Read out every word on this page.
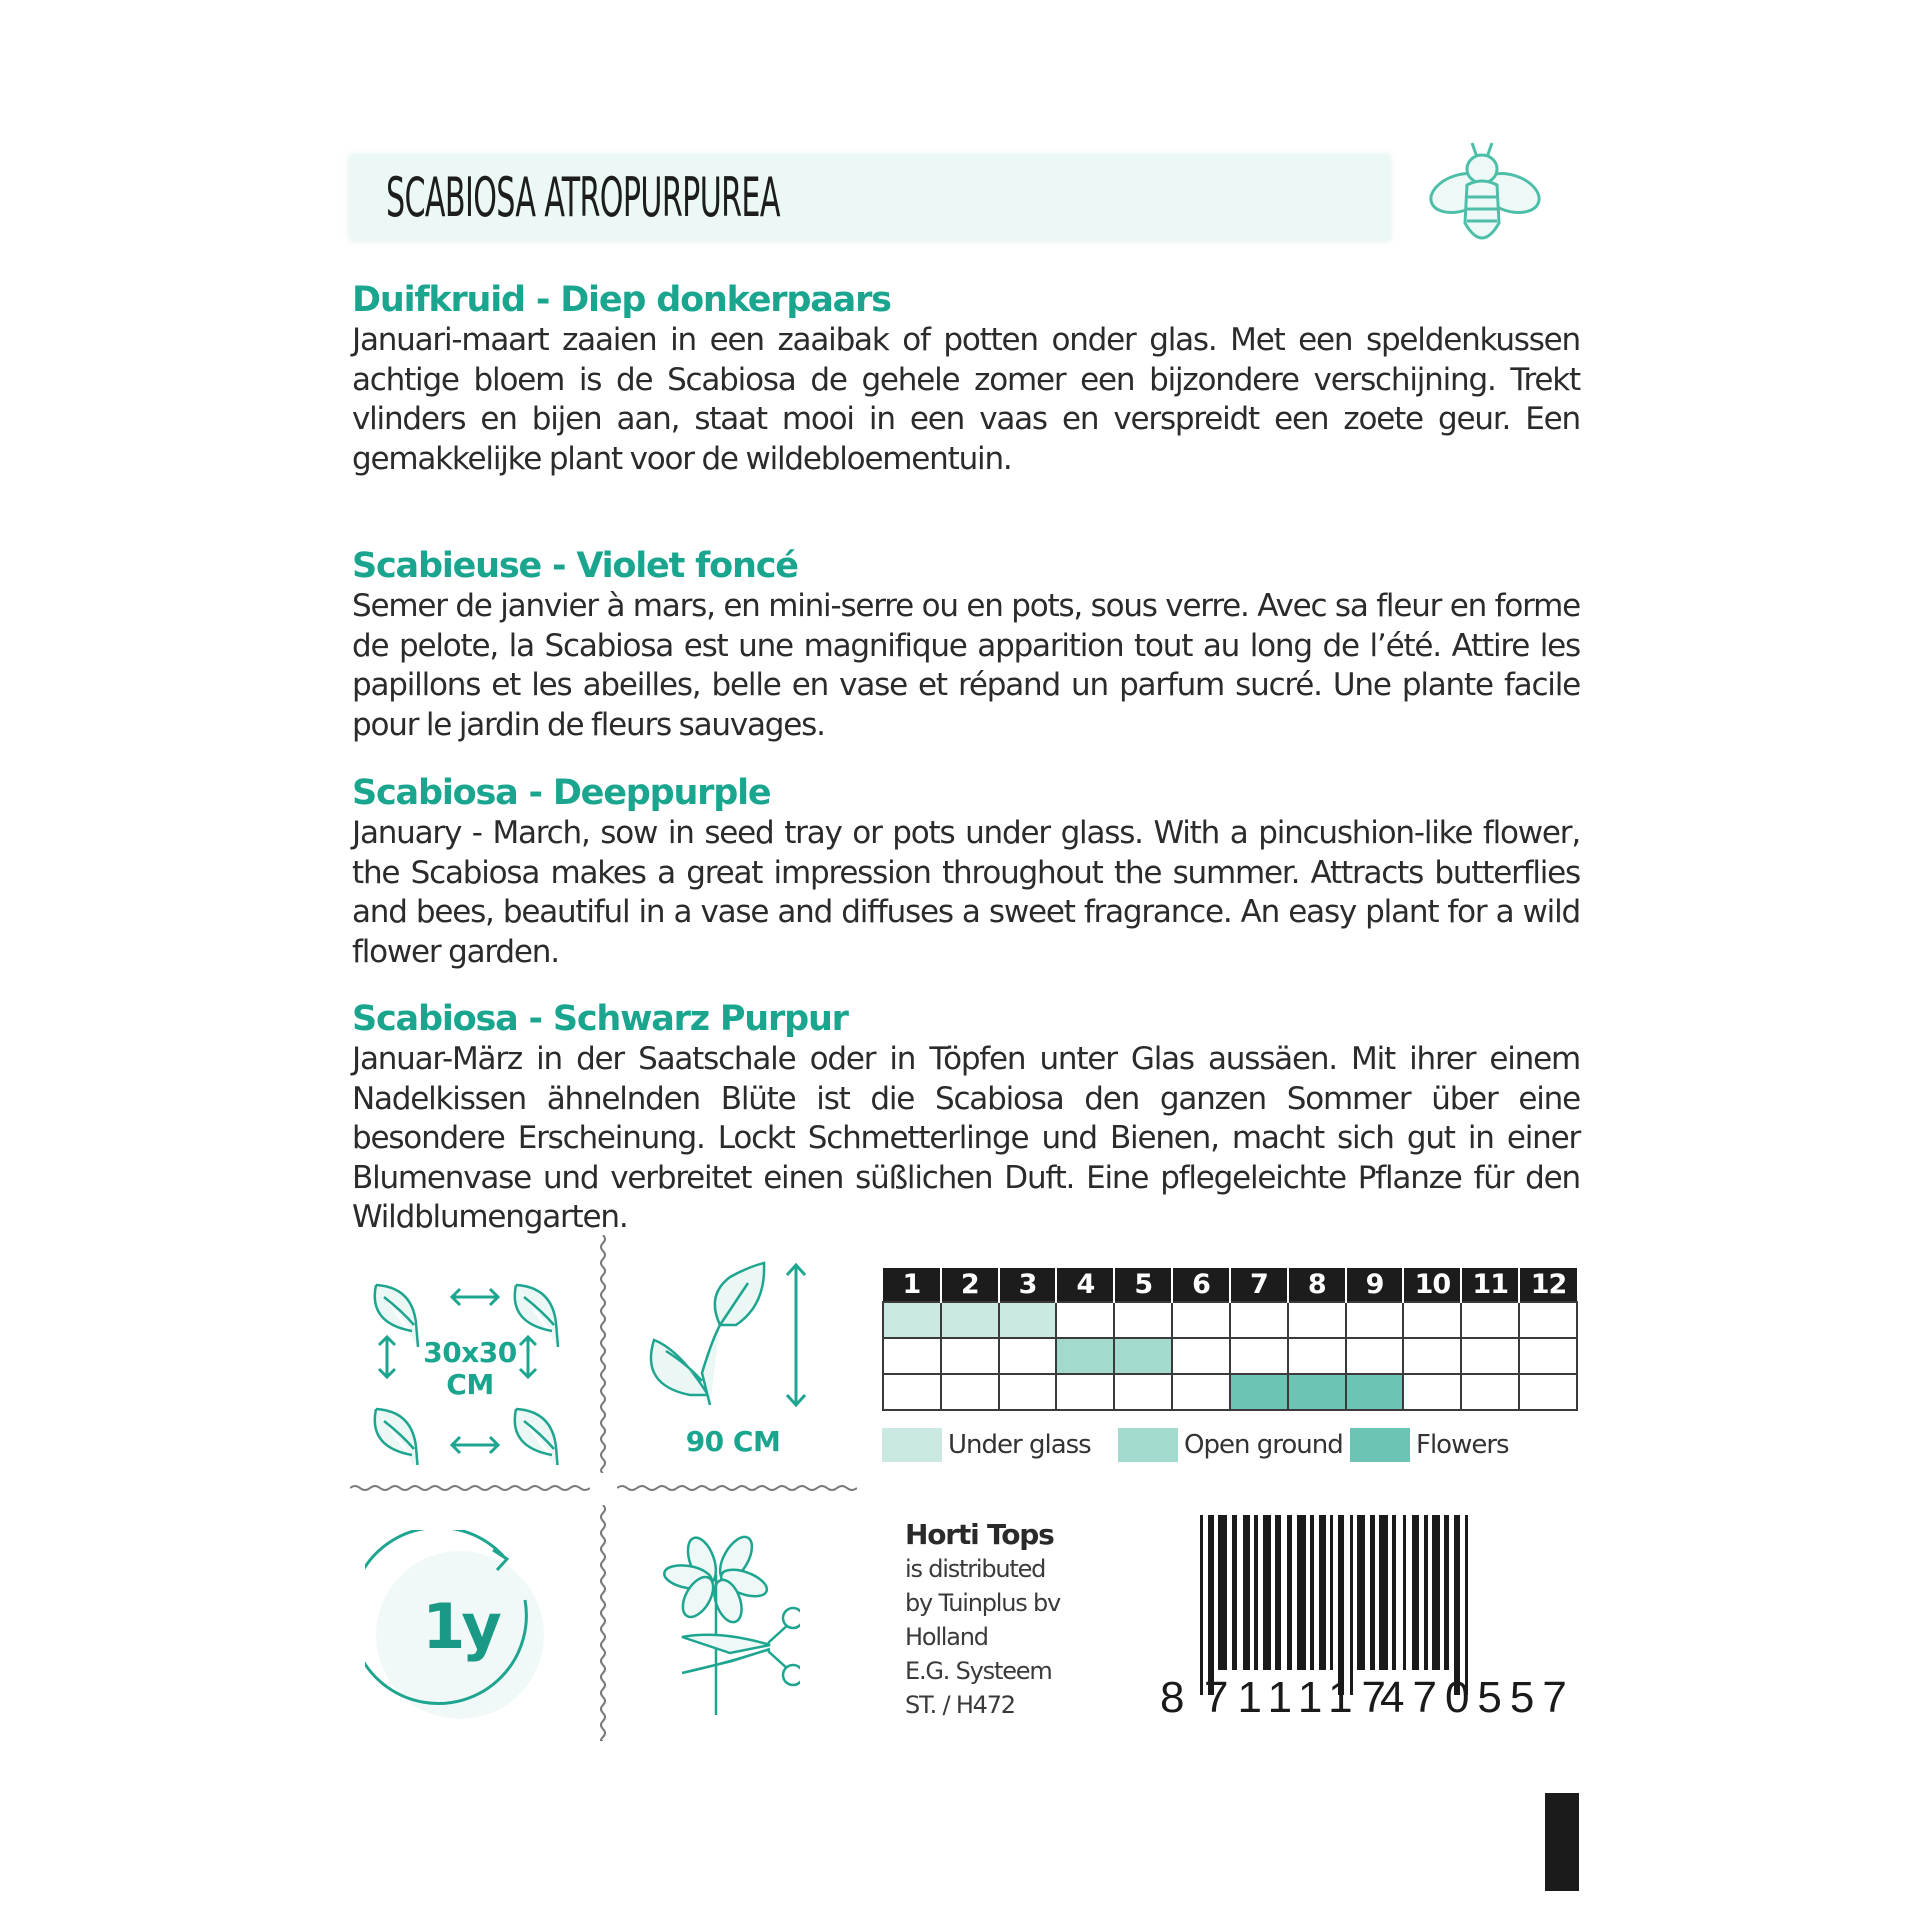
SCABIOSA ATROPURPUREA
Duifkruid - Diep donkerpaars

Januari-maart zaaien in een zaaibak of potten onder glas. Met een speldenkussen achtige bloem is de Scabiosa de gehele zomer een bijzondere verschijning. Trekt vlinders en bijen aan, staat mooi in een vaas en verspreidt een zoete geur. Een gemakkelijke plant voor de wildebloementuin.

Scabieuse - Violet foncé

Semer de janvier à mars, en mini-serre ou en pots, sous verre. Avec sa fleur en forme de pelote, la Scabiosa est une magnifique apparition tout au long de l’été. Attire les papillons et les abeilles, belle en vase et répand un parfum sucré. Une plante facile pour le jardin de fleurs sauvages.

Scabiosa - Deeppurple

January - March, sow in seed tray or pots under glass. With a pincushion-like flower, the Scabiosa makes a great impression throughout the summer. Attracts butterflies and bees, beautiful in a vase and diffuses a sweet fragrance. An easy plant for a wild flower garden.

Scabiosa - Schwarz Purpur

Januar-März in der Saatschale oder in Töpfen unter Glas aussäen. Mit ihrer einem Nadelkissen ähnelnden Blüte ist die Scabiosa den ganzen Sommer über eine besondere Erscheinung. Lockt Schmetterlinge und Bienen, macht sich gut in einer Blumenvase und verbreitet einen süßlichen Duft. Eine pflegeleichte Pflanze für den Wildblumengarten.

30x30
CM
90 CM
1y
1	2	3	4	5	6	7	8	9	10	11	12

Under glass	Open ground	Flowers
Horti Tops
is distributed
by Tuinplus bv
Holland
E.G. Systeem
ST. / H472	8 711117
470557
